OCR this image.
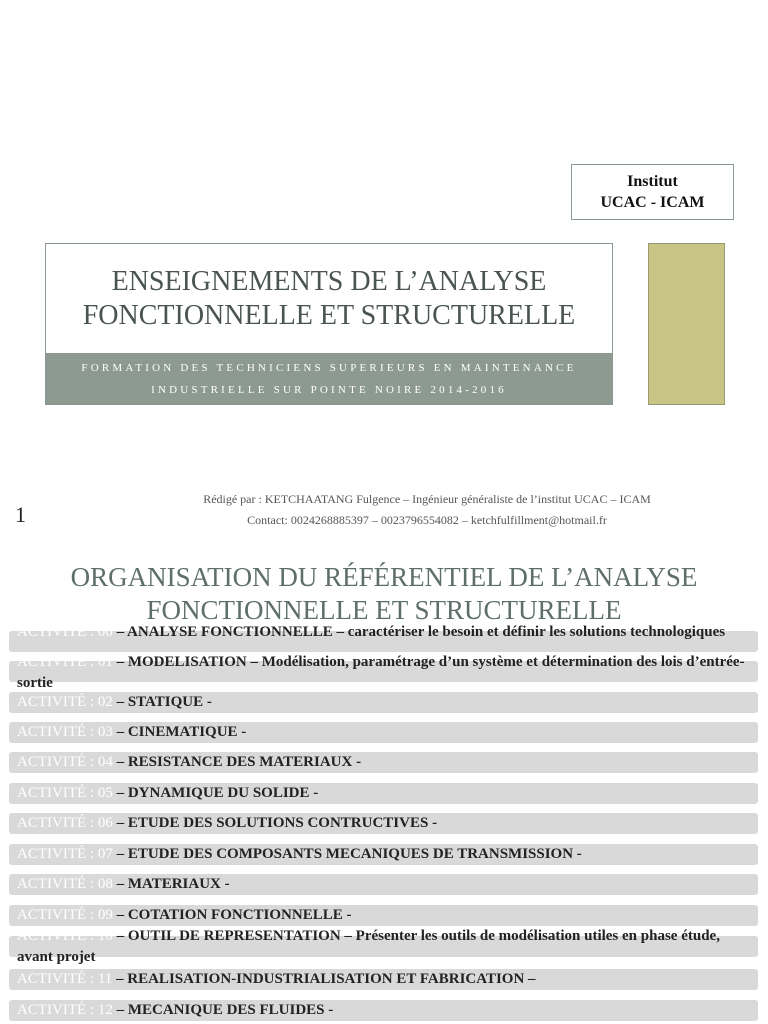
Institut
UCAC - ICAM
ENSEIGNEMENTS DE L’ANALYSE
FONCTIONNELLE ET STRUCTURELLE
FORMATION DES TECHNICIENS SUPERIEURS EN MAINTENANCE
INDUSTRIELLE SUR POINTE NOIRE 2014-2016
Rédigé par : KETCHAATANG Fulgence – Ingénieur généraliste de l’institut UCAC – ICAM
Contact: 0024268885397 – 0023796554082 – ketchfulfillment@hotmail.fr
1
ORGANISATION DU RÉFÉRENTIEL DE L’ANALYSE
FONCTIONNELLE ET STRUCTURELLE
ACTIVITÉ : 00 – ANALYSE FONCTIONNELLE – caractériser le besoin et définir les solutions technologiques
ACTIVITÉ : 01 – MODELISATION – Modélisation, paramétrage d’un système et détermination des lois d’entrée-sortie
ACTIVITÉ : 02 – STATIQUE -
ACTIVITÉ : 03 – CINEMATIQUE -
ACTIVITÉ : 04 – RESISTANCE DES MATERIAUX -
ACTIVITÉ : 05 – DYNAMIQUE DU SOLIDE -
ACTIVITÉ : 06 – ETUDE DES SOLUTIONS CONTRUCTIVES -
ACTIVITÉ : 07 – ETUDE DES COMPOSANTS MECANIQUES DE TRANSMISSION -
ACTIVITÉ : 08 – MATERIAUX -
ACTIVITÉ : 09 – COTATION FONCTIONNELLE -
ACTIVITÉ : 10 – OUTIL DE REPRESENTATION – Présenter les outils de modélisation utiles en phase étude, avant projet
ACTIVITÉ : 11 – REALISATION-INDUSTRIALISATION ET FABRICATION –
ACTIVITÉ : 12 – MECANIQUE DES FLUIDES -
